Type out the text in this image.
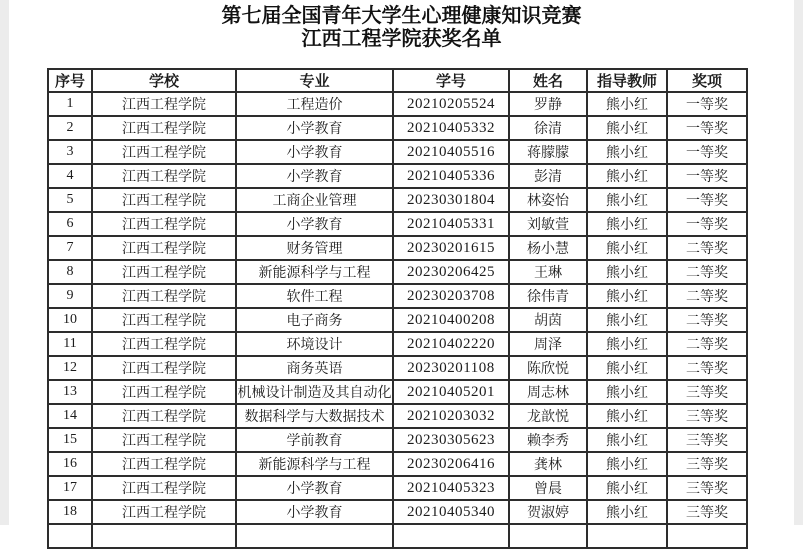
第七届全国青年大学生心理健康知识竞赛
江西工程学院获奖名单
序号	学校	专业	学号	姓名	指导教师	奖项
1	江西工程学院	工程造价	20210205524	罗静	熊小红	一等奖
2	江西工程学院	小学教育	20210405332	徐清	熊小红	一等奖
3	江西工程学院	小学教育	20210405516	蒋朦朦	熊小红	一等奖
4	江西工程学院	小学教育	20210405336	彭清	熊小红	一等奖
5	江西工程学院	工商企业管理	20230301804	林姿怡	熊小红	一等奖
6	江西工程学院	小学教育	20210405331	刘敏萱	熊小红	一等奖
7	江西工程学院	财务管理	20230201615	杨小慧	熊小红	二等奖
8	江西工程学院	新能源科学与工程	20230206425	王琳	熊小红	二等奖
9	江西工程学院	软件工程	20230203708	徐伟青	熊小红	二等奖
10	江西工程学院	电子商务	20210400208	胡茵	熊小红	二等奖
11	江西工程学院	环境设计	20210402220	周泽	熊小红	二等奖
12	江西工程学院	商务英语	20230201108	陈欣悦	熊小红	二等奖
13	江西工程学院	机械设计制造及其自动化	20210405201	周志林	熊小红	三等奖
14	江西工程学院	数据科学与大数据技术	20210203032	龙歆悦	熊小红	三等奖
15	江西工程学院	学前教育	20230305623	赖李秀	熊小红	三等奖
16	江西工程学院	新能源科学与工程	20230206416	龚林	熊小红	三等奖
17	江西工程学院	小学教育	20210405323	曾晨	熊小红	三等奖
18	江西工程学院	小学教育	20210405340	贺淑婷	熊小红	三等奖
